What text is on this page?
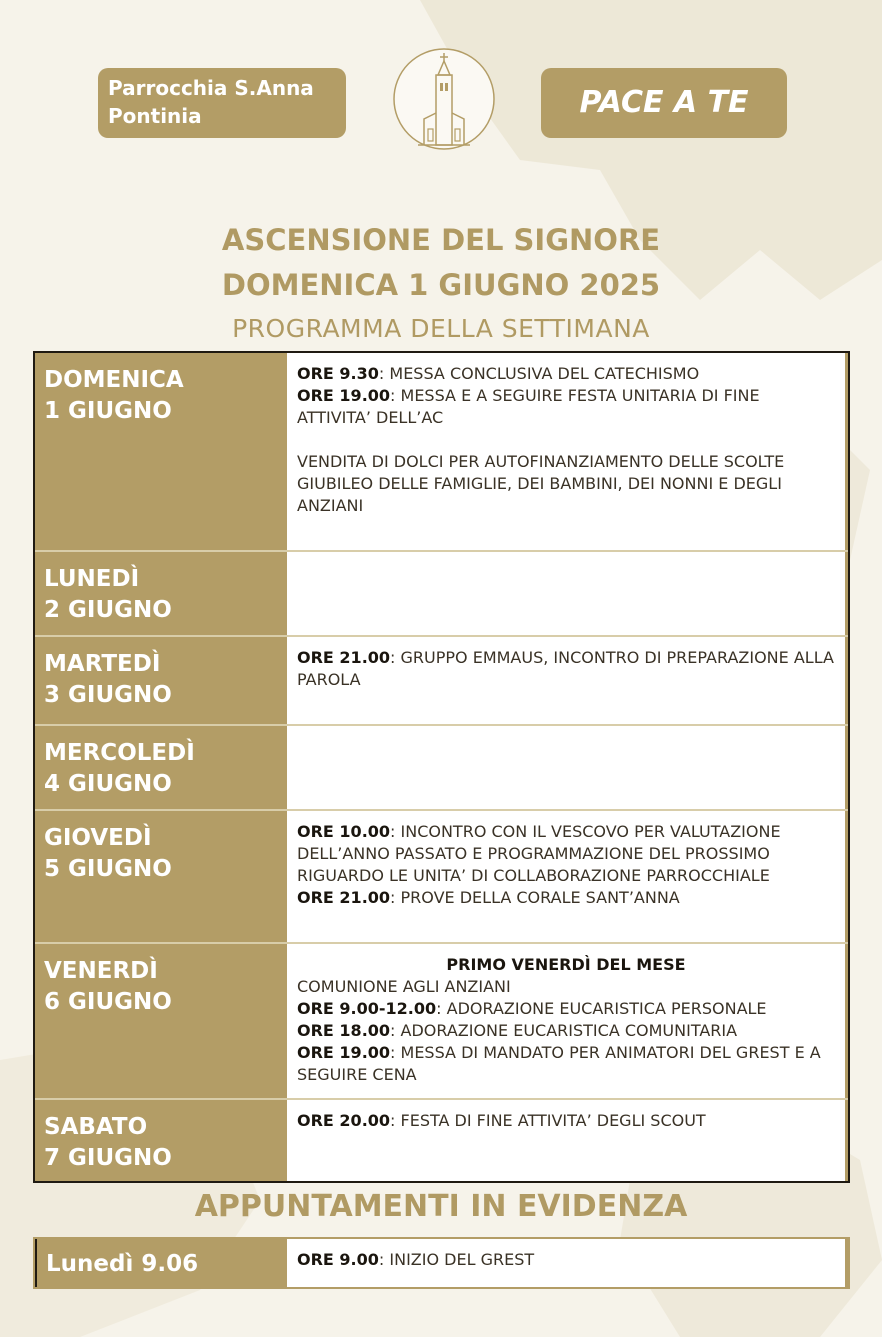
Parrocchia S.Anna
Pontinia	PACE A TE
ASCENSIONE DEL SIGNORE
DOMENICA 1 GIUGNO 2025
PROGRAMMA DELLA SETTIMANA
DOMENICA
1 GIUGNO
ORE 9.30: MESSA CONCLUSIVA DEL CATECHISMO
ORE 19.00: MESSA E A SEGUIRE FESTA UNITARIA DI FINE ATTIVITA’ DELL’AC
VENDITA DI DOLCI PER AUTOFINANZIAMENTO DELLE SCOLTE
GIUBILEO DELLE FAMIGLIE, DEI BAMBINI, DEI NONNI E DEGLI ANZIANI
LUNEDÌ
2 GIUGNO
MARTEDÌ
3 GIUGNO
ORE 21.00: GRUPPO EMMAUS, INCONTRO DI PREPARAZIONE ALLA PAROLA
MERCOLEDÌ
4 GIUGNO
GIOVEDÌ
5 GIUGNO
ORE 10.00: INCONTRO CON IL VESCOVO PER VALUTAZIONE DELL’ANNO PASSATO E PROGRAMMAZIONE DEL PROSSIMO RIGUARDO LE UNITA’ DI COLLABORAZIONE PARROCCHIALE
ORE 21.00: PROVE DELLA CORALE SANT’ANNA
VENERDÌ
6 GIUGNO
PRIMO VENERDÌ DEL MESE
COMUNIONE AGLI ANZIANI
ORE 9.00-12.00: ADORAZIONE EUCARISTICA PERSONALE
ORE 18.00: ADORAZIONE EUCARISTICA COMUNITARIA
ORE 19.00: MESSA DI MANDATO PER ANIMATORI DEL GREST E A SEGUIRE CENA
SABATO
7 GIUGNO
ORE 20.00: FESTA DI FINE ATTIVITA’ DEGLI SCOUT
APPUNTAMENTI IN EVIDENZA
Lunedì 9.06	ORE 9.00: INIZIO DEL GREST
